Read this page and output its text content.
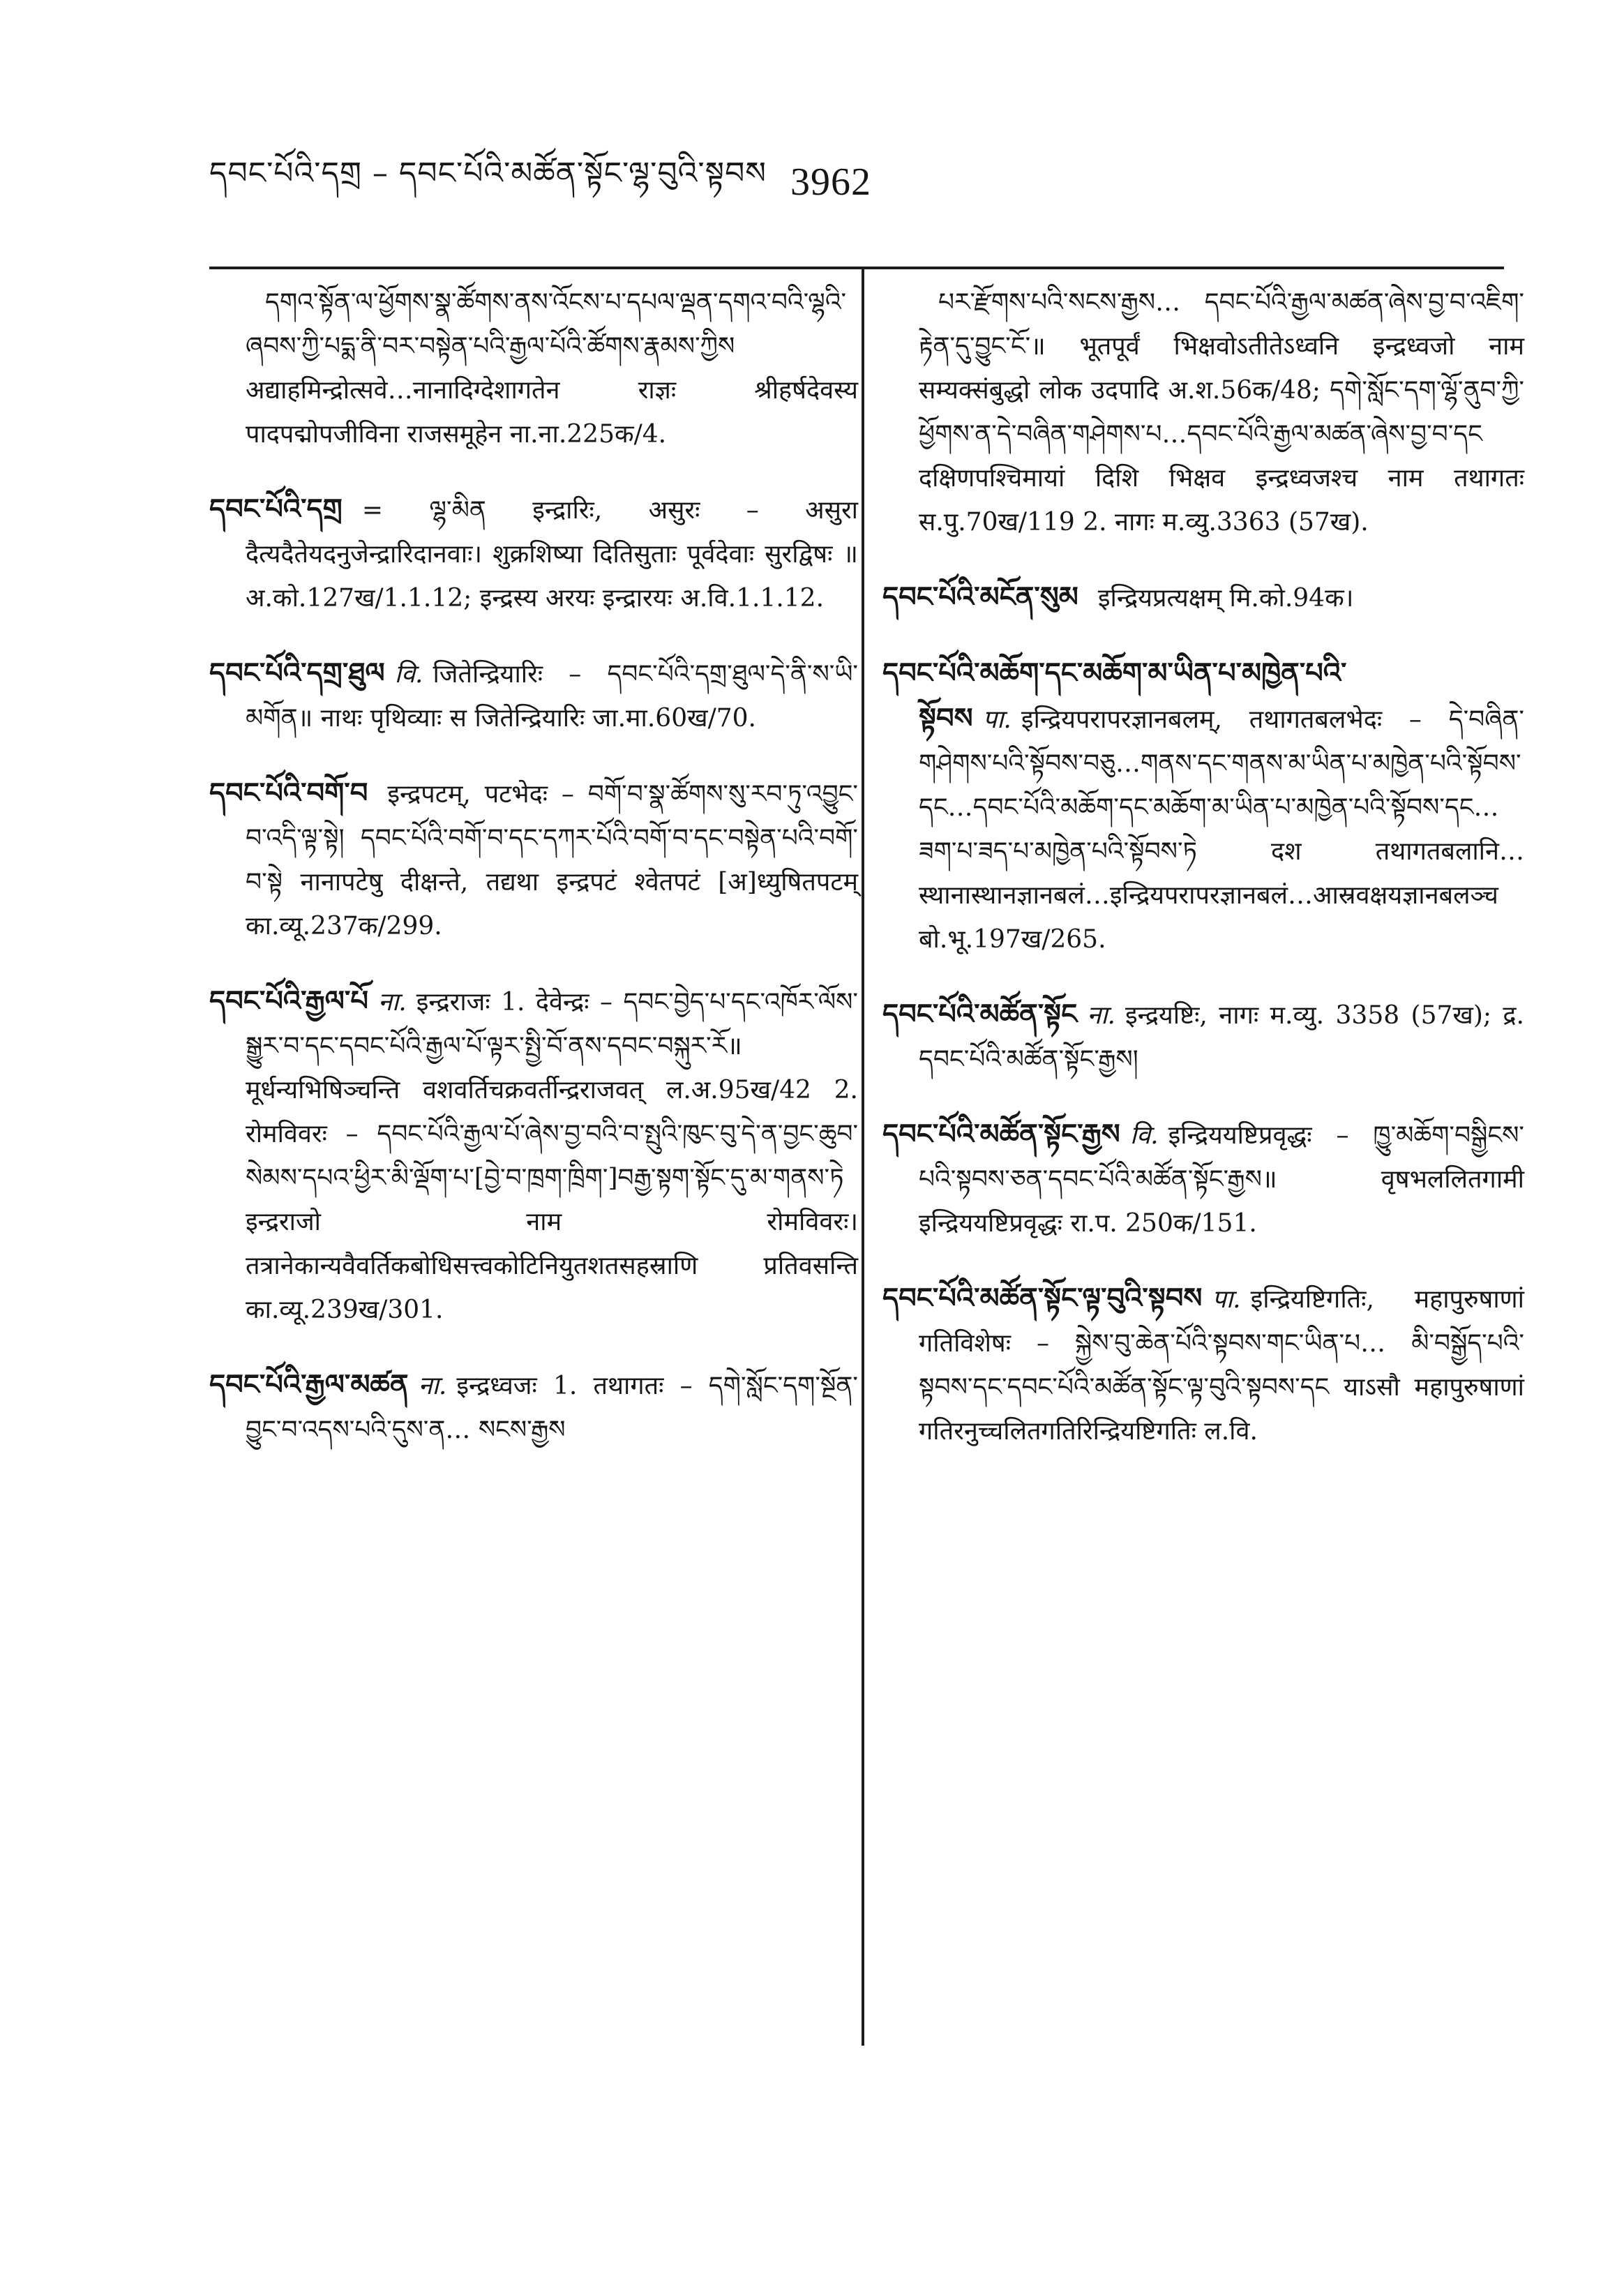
དབང་པོའི་དགྲ – དབང་པོའི་མཚོན་སྟོང་ལྷ་བུའི་སྟབས 3962

དགའ་སྟོན་ལ་ཕྱོགས་སྣ་ཚོགས་ནས་འོངས་པ་དཔལ་ལྡན་དགའ་བའི་ལྷའི་ཞབས་ཀྱི་པདྨ་ནི་བར་བསྟེན་པའི་རྒྱལ་པོའི་ཚོགས་རྣམས་ཀྱིས अद्याहमिन्द्रोत्सवे…नानादिग्देशागतेन राज्ञः श्रीहर्षदेवस्य पादपद्मोपजीविना राजसमूहेन ना.ना.225क/4.

དབང་པོའི་དགྲ = ལྷ་མིན इन्द्रारिः, असुरः – असुरा दैत्यदैतेयदनुजेन्द्रारिदानवाः। शुक्रशिष्या दितिसुताः पूर्वदेवाः सुरद्विषः ॥ अ.को.127ख/1.1.12; इन्द्रस्य अरयः इन्द्रारयः अ.वि.1.1.12.

དབང་པོའི་དགྲ་ཐུལ वि. जितेन्द्रियारिः – དབང་པོའི་དགྲ་ཐུལ་དེ་ནི་ས་ཡི་མགོན॥ नाथः पृथिव्याः स जितेन्द्रियारिः जा.मा.60ख/70.

དབང་པོའི་བགོ་བ इन्द्रपटम्, पटभेदः – བགོ་བ་སྣ་ཚོགས་སུ་རབ་ཏུ་འབྱུང་བ་འདི་ལྟ་སྟེ། དབང་པོའི་བགོ་བ་དང་དཀར་པོའི་བགོ་བ་དང་བསྟེན་པའི་བགོ་བ་སྟེ नानापटेषु दीक्षन्ते, तद्यथा इन्द्रपटं श्वेतपटं [अ]ध्युषितपटम् का.व्यू.237क/299.

དབང་པོའི་རྒྱལ་པོ ना. इन्द्रराजः 1. देवेन्द्रः – དབང་བྱེད་པ་དང་འཁོར་ལོས་སྒྱུར་བ་དང་དབང་པོའི་རྒྱལ་པོ་ལྟར་སྤྱི་བོ་ནས་དབང་བསྐུར་རོ॥ मूर्धन्यभिषिञ्चन्ति वशवर्तिचक्रवर्तीन्द्रराजवत् ल.अ.95ख/42 2. रोमविवरः – དབང་པོའི་རྒྱལ་པོ་ཞེས་བྱ་བའི་བ་སྤུའི་ཁུང་བུ་དེ་ན་བྱང་ཆུབ་སེམས་དཔའ་ཕྱིར་མི་ལྡོག་པ་[བྱེ་བ་ཁྲག་ཁྲིག་]བརྒྱ་སྟག་སྟོང་དུ་མ་གནས་ཏེ इन्द्रराजो नाम रोमविवरः। तत्रानेकान्यवैवर्तिकबोधिसत्त्वकोटिनियुतशतसहस्राणि प्रतिवसन्ति का.व्यू.239ख/301.

དབང་པོའི་རྒྱལ་མཚན ना. इन्द्रध्वजः 1. तथागतः – དགེ་སློང་དག་སྔོན་བྱུང་བ་འདས་པའི་དུས་ན… སངས་རྒྱས

པར་རྫོགས་པའི་སངས་རྒྱས… དབང་པོའི་རྒྱལ་མཚན་ཞེས་བྱ་བ་འཇིག་རྟེན་དུ་བྱུང་ངོ༌॥ भूतपूर्वं भिक्षवोऽतीतेऽध्वनि इन्द्रध्वजो नाम सम्यक्संबुद्धो लोक उदपादि अ.श.56क/48; དགེ་སློང་དག་ལྷོ་ནུབ་ཀྱི་ཕྱོགས་ན་དེ་བཞིན་གཤེགས་པ…དབང་པོའི་རྒྱལ་མཚན་ཞེས་བྱ་བ་དང दक्षिणपश्चिमायां दिशि भिक्षव इन्द्रध्वजश्च नाम तथागतः स.पु.70ख/119 2. नागः म.व्यु.3363 (57ख).

དབང་པོའི་མངོན་སུམ इन्द्रियप्रत्यक्षम् मि.को.94क।

དབང་པོའི་མཆོག་དང་མཆོག་མ་ཡིན་པ་མཁྱེན་པའི་སྟོབས पा. इन्द्रियपरापरज्ञानबलम्, तथागतबलभेदः – དེ་བཞིན་གཤེགས་པའི་སྟོབས་བཅུ…གནས་དང་གནས་མ་ཡིན་པ་མཁྱེན་པའི་སྟོབས་དང…དབང་པོའི་མཆོག་དང་མཆོག་མ་ཡིན་པ་མཁྱེན་པའི་སྟོབས་དང…ཟག་པ་ཟད་པ་མཁྱེན་པའི་སྟོབས་ཏེ दश तथागतबलानि…स्थानास्थानज्ञानबलं…इन्द्रियपरापरज्ञानबलं…आस्रवक्षयज्ञानबलञ्च बो.भू.197ख/265.

དབང་པོའི་མཚོན་སྟོང ना. इन्द्रयष्टिः, नागः म.व्यु. 3358 (57ख); द्र. དབང་པོའི་མཚོན་སྟོང་རྒྱས།

དབང་པོའི་མཚོན་སྟོང་རྒྱས वि. इन्द्रिययष्टिप्रवृद्धः – ཁྱུ་མཆོག་བསྒྱིངས་པའི་སྟབས་ཅན་དབང་པོའི་མཚོན་སྟོང་རྒྱས॥ वृषभललितगामी इन्द्रिययष्टिप्रवृद्धः रा.प. 250क/151.

དབང་པོའི་མཚོན་སྟོང་ལྟ་བུའི་སྟབས पा. इन्द्रियष्टिगतिः, महापुरुषाणां गतिविशेषः – སྐྱེས་བུ་ཆེན་པོའི་སྟབས་གང་ཡིན་པ… མི་བསྒྱོད་པའི་སྟབས་དང་དབང་པོའི་མཚོན་སྟོང་ལྟ་བུའི་སྟབས་དང याऽसौ महापुरुषाणां गतिरनुच्चलितगतिरिन्द्रियष्टिगतिः ल.वि.
